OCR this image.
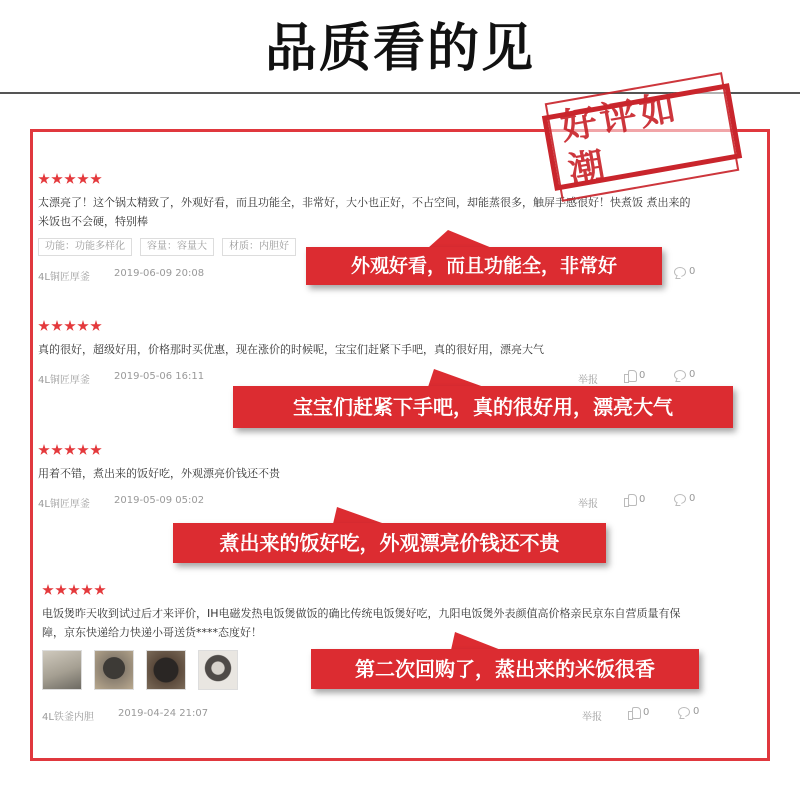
品质看的见
太漂亮了！这个锅太精致了，外观好看，而且功能全，非常好，大小也正好，不占空间，却能蒸很多，触屏手感很好！快煮饭 煮出来的米饭也不会硬，特别棒
功能：功能多样化	容量：容量大	材质：内胆好
4L铜匠厚釜 2019-06-09 20:08	0
真的很好，超级好用，价格那时买优惠，现在涨价的时候呢，宝宝们赶紧下手吧，真的很好用，漂亮大气
4L铜匠厚釜 2019-05-06 16:11	举报	0	0
用着不错，煮出来的饭好吃，外观漂亮价钱还不贵
4L铜匠厚釜 2019-05-09 05:02	举报	0	0
电饭煲昨天收到试过后才来评价，IH电磁发热电饭煲做饭的确比传统电饭煲好吃，九阳电饭煲外表颜值高价格亲民京东自营质量有保障，京东快递给力快递小哥送货****态度好！
4L铁釜内胆 2019-04-24 21:07	举报	0	0
好评如潮
外观好看，而且功能全，非常好
宝宝们赶紧下手吧，真的很好用，漂亮大气
煮出来的饭好吃，外观漂亮价钱还不贵
第二次回购了，蒸出来的米饭很香
